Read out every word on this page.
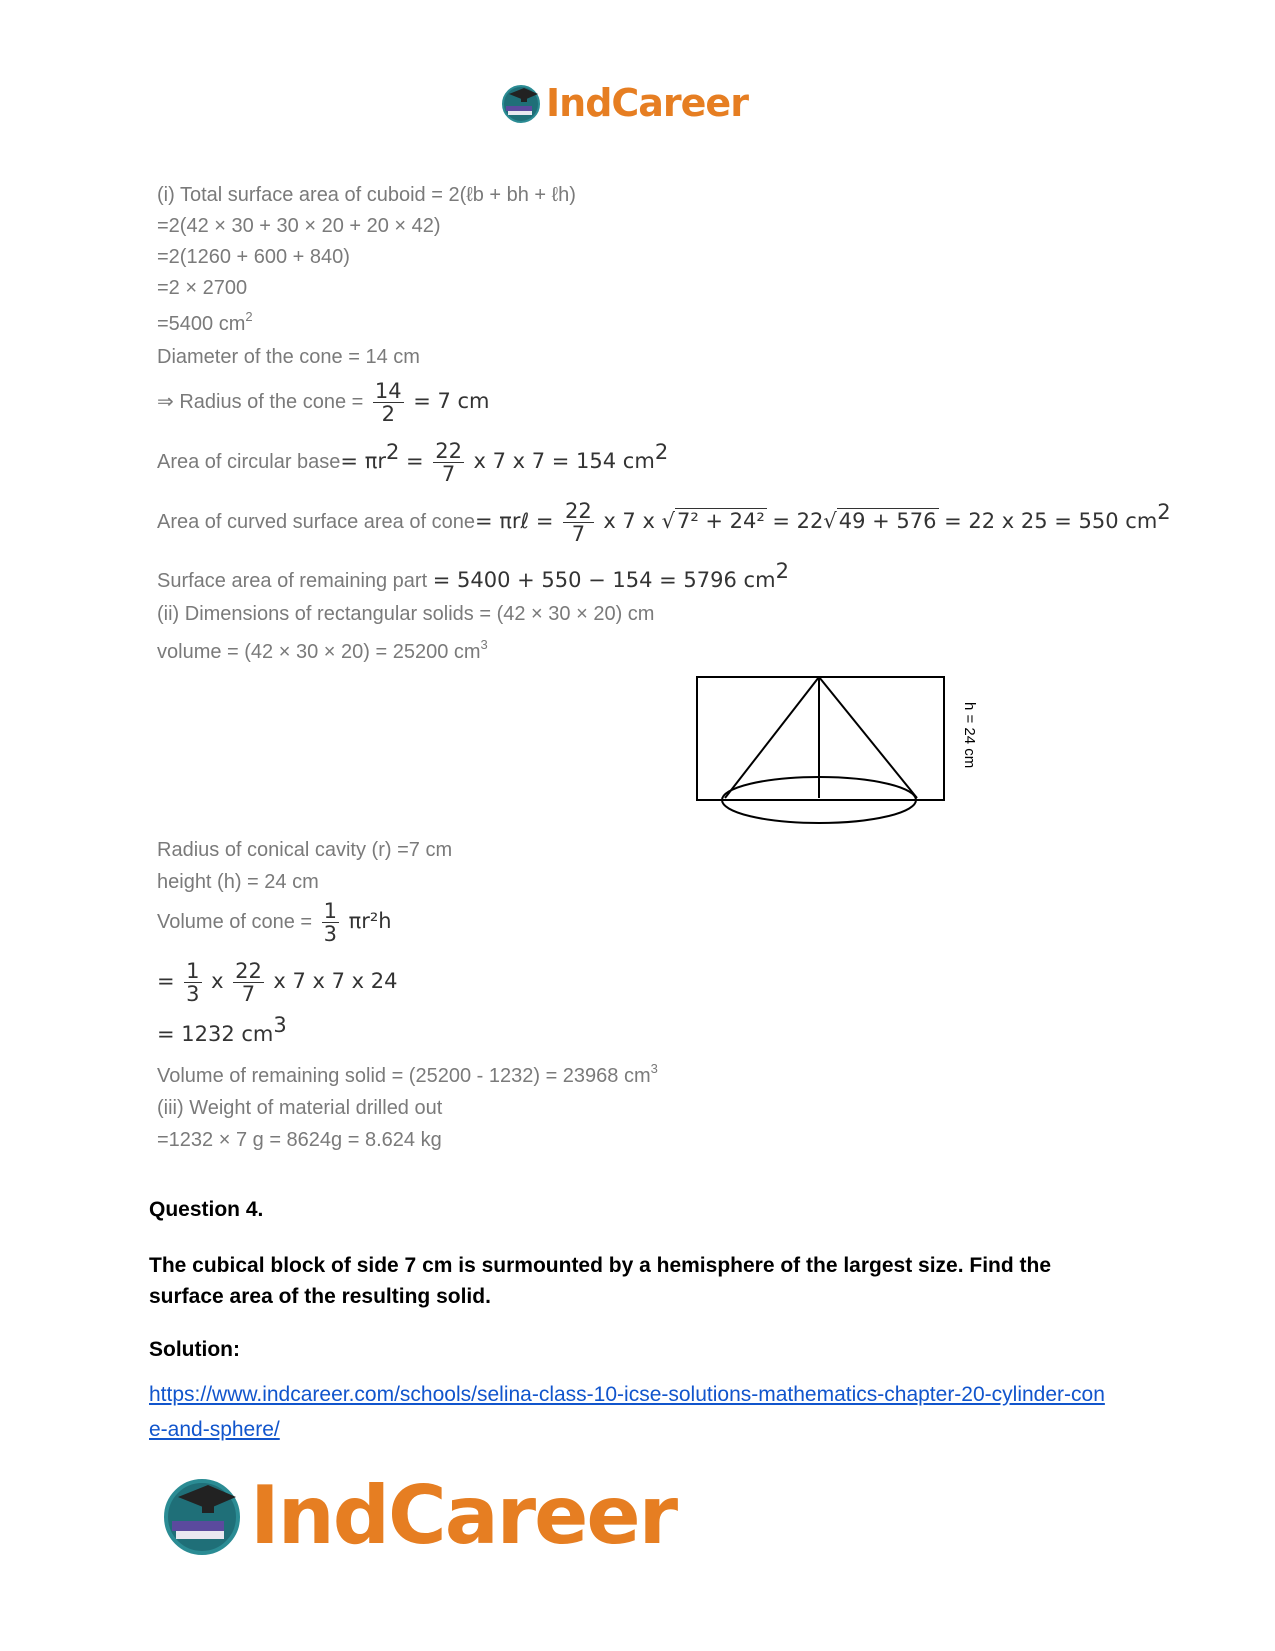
IndCareer
(i) Total surface area of cuboid = 2(ℓb + bh + ℓh)
=2(42 × 30 + 30 × 20 + 20 × 42)
=2(1260 + 600 + 840)
=2 × 2700
=5400 $cm^2$
Diameter of the cone = 14 cm
⇒ Radius of the cone = $\frac{14}{2} = 7$ cm
Area of circular base= $\pi r^2 = \frac{22}{7}$ x 7 x 7 = 154 $cm^2$
Area of curved surface area of cone= πrℓ = $\frac{22}{7}$ x 7 x √7² + 24² = 22√49 + 576 = 22 x 25 = 550 $cm^2$
Surface area of remaining part = 5400 + 550 − 154 = 5796 $cm^2$
(ii) Dimensions of rectangular solids = (42 × 30 × 20) cm
volume = (42 × 30 × 20) = 25200 $cm^3$
h = 24 cm
Radius of conical cavity (r) =7 cm
height (h) = 24 cm
Volume of cone = $\frac{1}{3} \pi r^2h$
= $\frac{1}{3}$ x $\frac{22}{7}$ x 7 x 7 x 24
= 1232 $cm^3$
Volume of remaining solid = (25200 - 1232) = 23968 $cm^3$
(iii) Weight of material drilled out
=1232 × 7 g = 8624g = 8.624 kg
Question 4.
The cubical block of side 7 cm is surmounted by a hemisphere of the largest size. Find the surface area of the resulting solid.
Solution:
https://www.indcareer.com/schools/selina-class-10-icse-solutions-mathematics-chapter-20-cylinder-cone-and-sphere/
IndCareer
